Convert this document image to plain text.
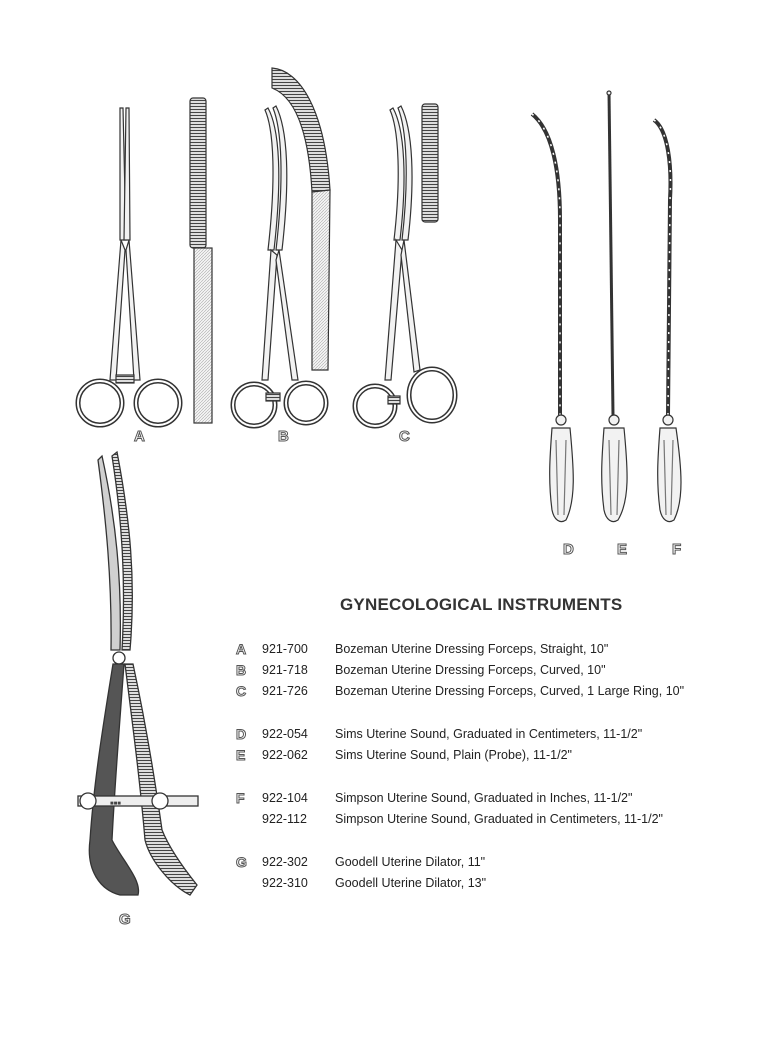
■■■
A	B	C
D	E	F
G
GYNECOLOGICAL INSTRUMENTS
A	921-700 Bozeman Uterine Dressing Forceps, Straight, 10"
B	921-718 Bozeman Uterine Dressing Forceps, Curved, 10"
C	921-726 Bozeman Uterine Dressing Forceps, Curved, 1 Large Ring, 10"
D	922-054 Sims Uterine Sound, Graduated in Centimeters, 11-1/2"
E	922-062 Sims Uterine Sound, Plain (Probe), 11-1/2"
F	922-104 Simpson Uterine Sound, Graduated in Inches, 11-1/2"
922-112 Simpson Uterine Sound, Graduated in Centimeters, 11-1/2"
G	922-302 Goodell Uterine Dilator, 11"
922-310 Goodell Uterine Dilator, 13"
